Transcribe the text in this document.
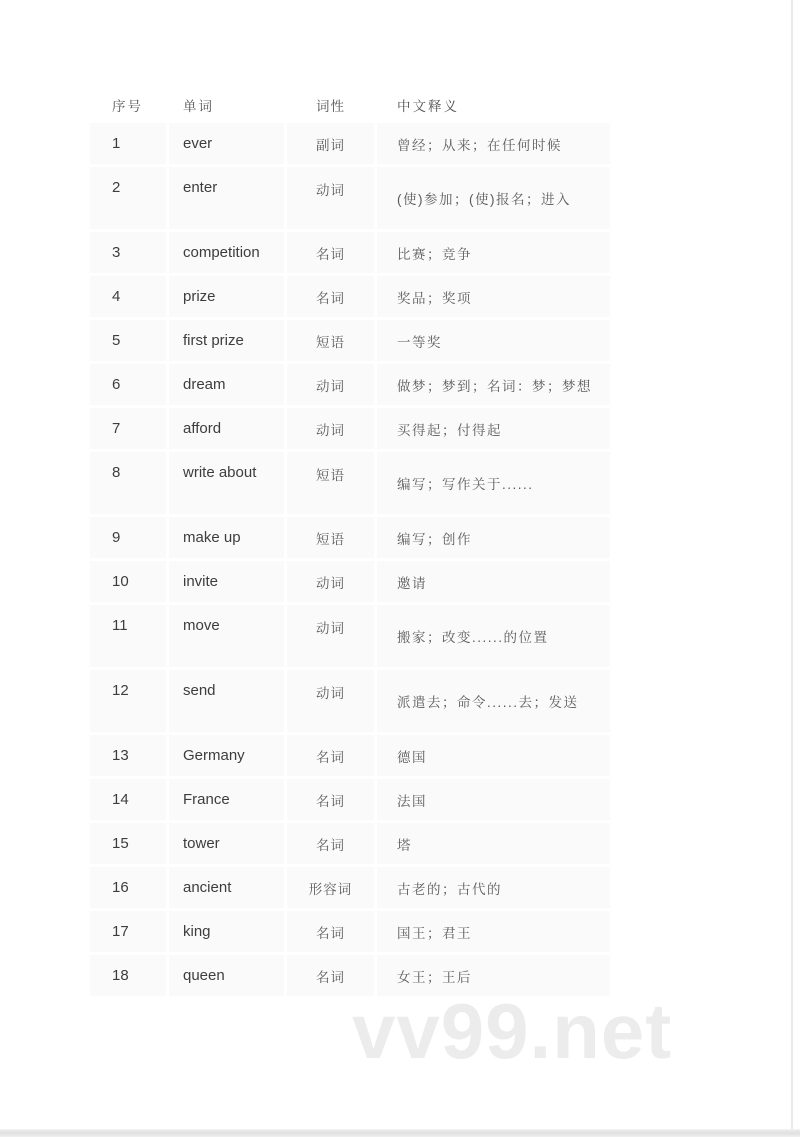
序号	单词	词性	中文释义
1	ever	副词	曾经；从来；在任何时候
2	enter	动词	(使)参加；(使)报名；进入
3	competition	名词	比赛；竞争
4	prize	名词	奖品；奖项
5	first prize	短语	一等奖
6	dream	动词	做梦；梦到；名词：梦；梦想
7	afford	动词	买得起；付得起
8	write about	短语	编写；写作关于......
9	make up	短语	编写；创作
10	invite	动词	邀请
11	move	动词	搬家；改变......的位置
12	send	动词	派遣去；命令......去；发送
13	Germany	名词	德国
14	France	名词	法国
15	tower	名词	塔
16	ancient	形容词	古老的；古代的
17	king	名词	国王；君王
18	queen	名词	女王；王后
vv99.net
